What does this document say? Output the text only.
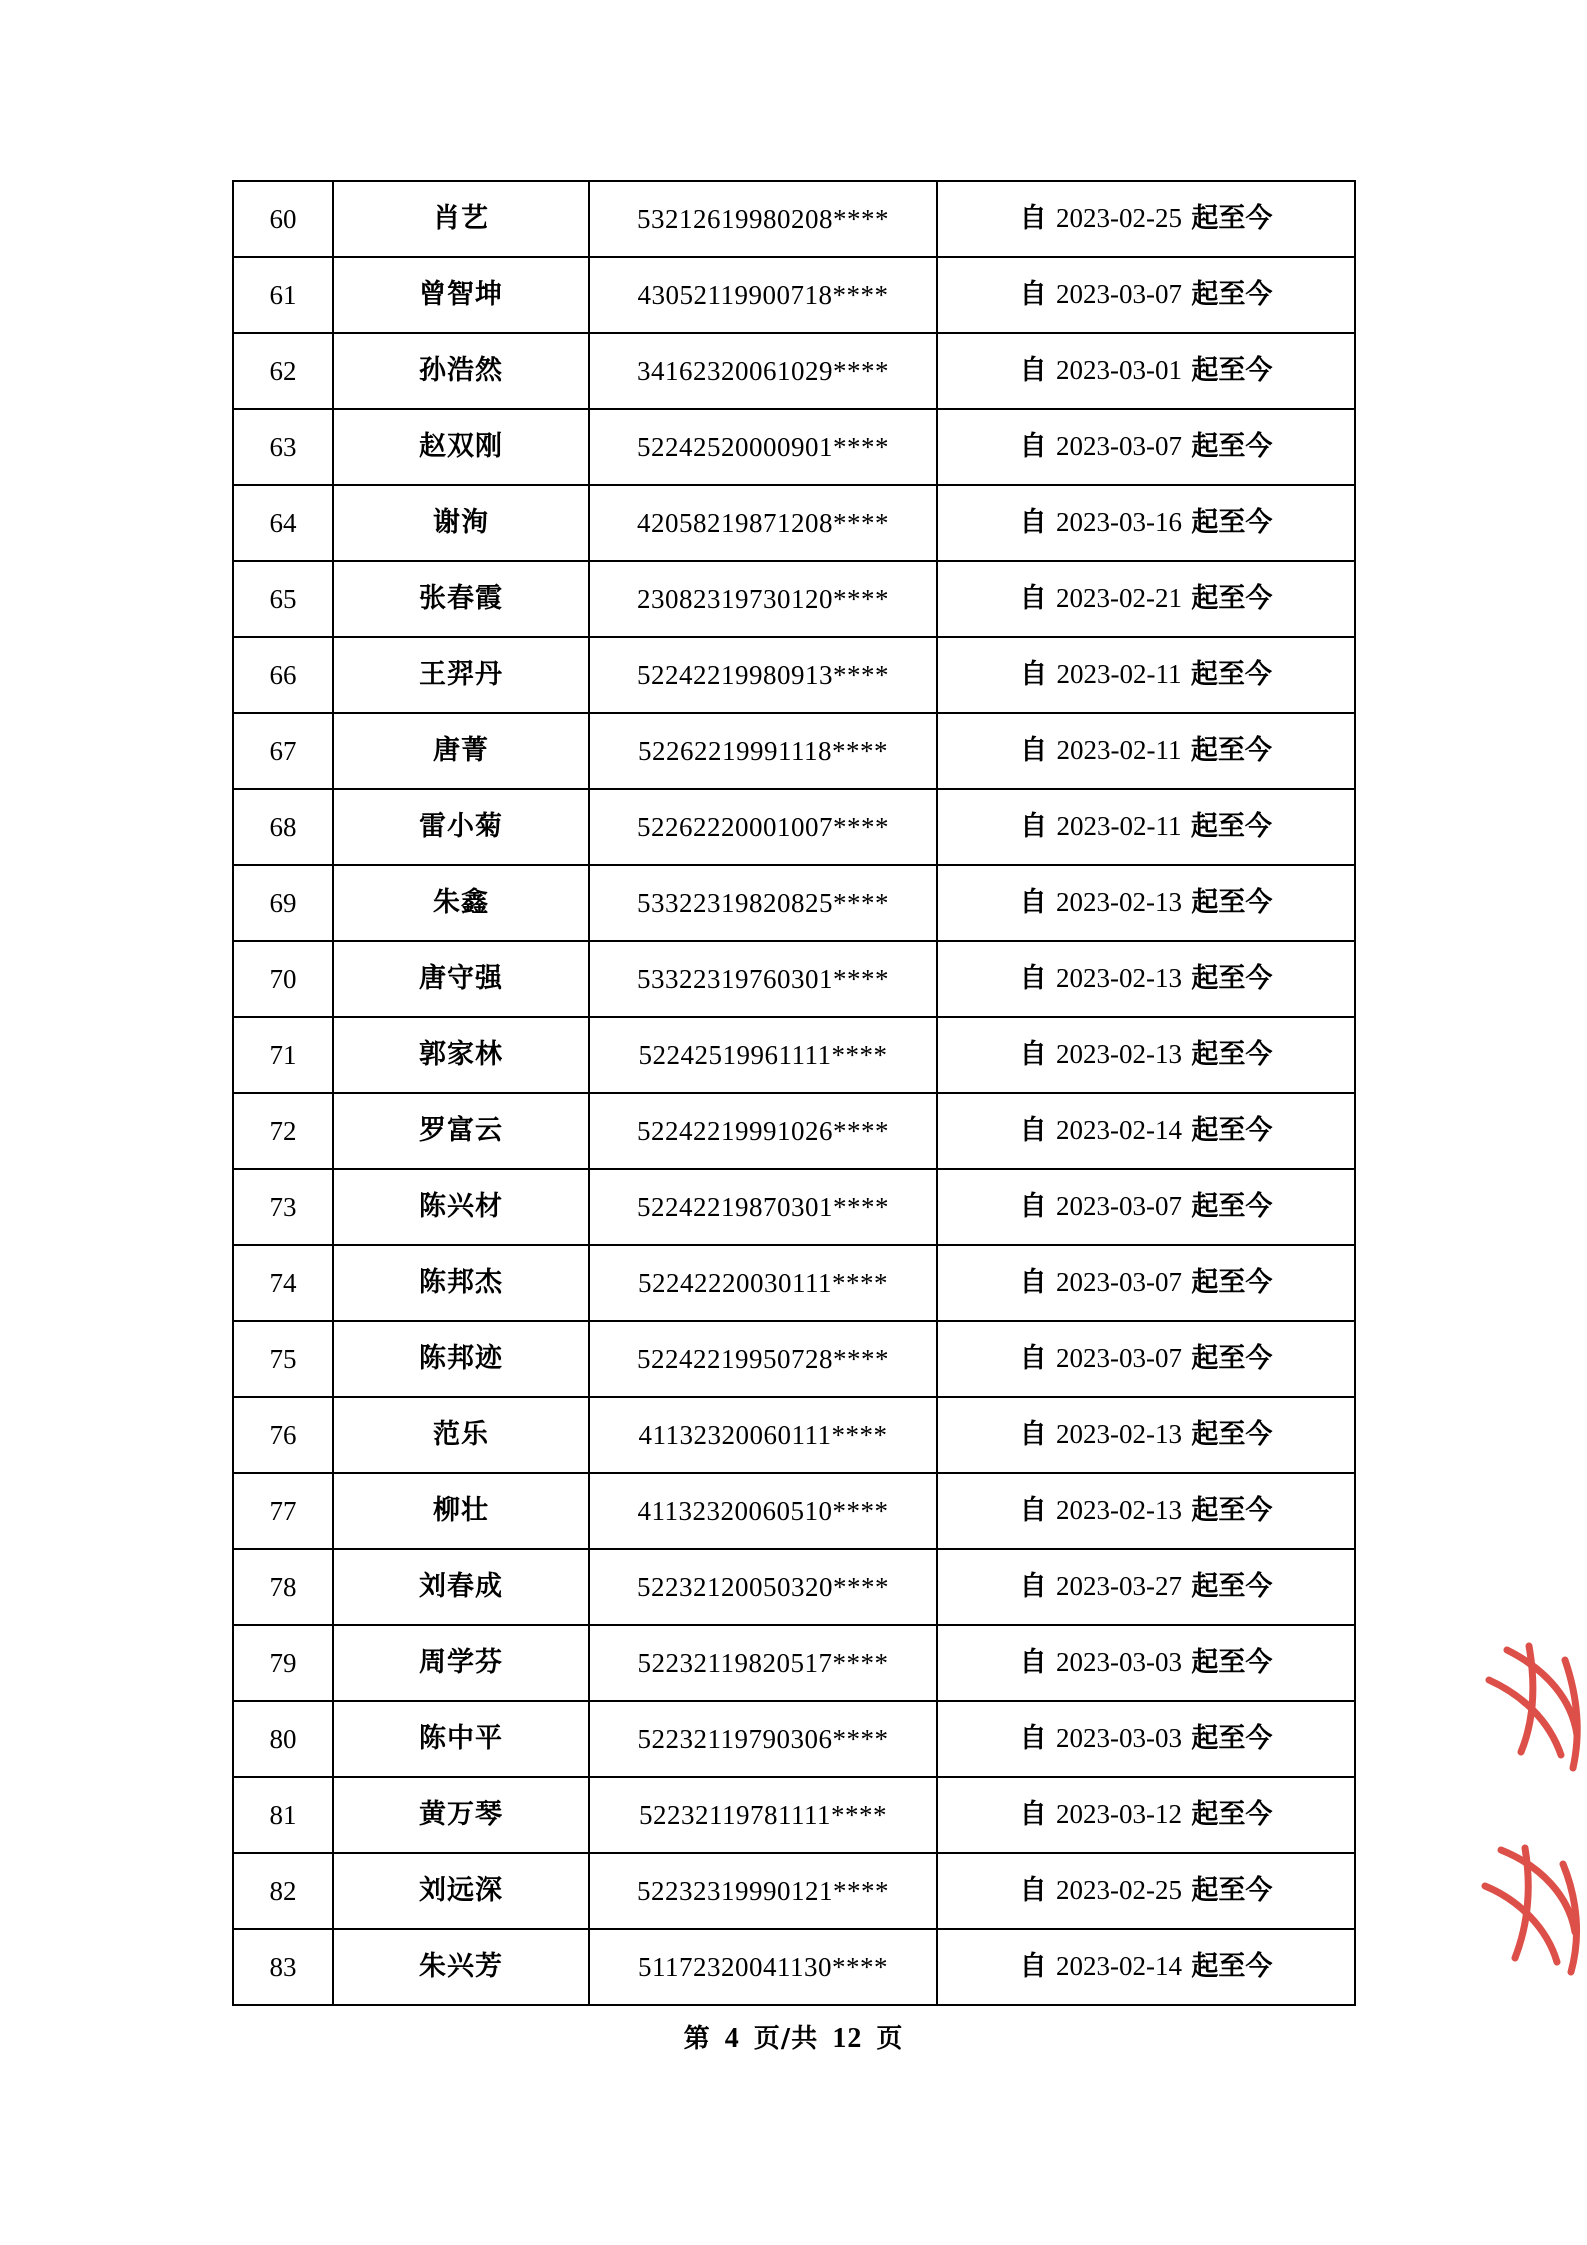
60	肖艺	53212619980208****	自 2023-02-25 起至今
61	曾智坤	43052119900718****	自 2023-03-07 起至今
62	孙浩然	34162320061029****	自 2023-03-01 起至今
63	赵双刚	52242520000901****	自 2023-03-07 起至今
64	谢洵	42058219871208****	自 2023-03-16 起至今
65	张春霞	23082319730120****	自 2023-02-21 起至今
66	王羿丹	52242219980913****	自 2023-02-11 起至今
67	唐菁	52262219991118****	自 2023-02-11 起至今
68	雷小菊	52262220001007****	自 2023-02-11 起至今
69	朱鑫	53322319820825****	自 2023-02-13 起至今
70	唐守强	53322319760301****	自 2023-02-13 起至今
71	郭家林	52242519961111****	自 2023-02-13 起至今
72	罗富云	52242219991026****	自 2023-02-14 起至今
73	陈兴材	52242219870301****	自 2023-03-07 起至今
74	陈邦杰	52242220030111****	自 2023-03-07 起至今
75	陈邦迹	52242219950728****	自 2023-03-07 起至今
76	范乐	41132320060111****	自 2023-02-13 起至今
77	柳壮	41132320060510****	自 2023-02-13 起至今
78	刘春成	52232120050320****	自 2023-03-27 起至今
79	周学芬	52232119820517****	自 2023-03-03 起至今
80	陈中平	52232119790306****	自 2023-03-03 起至今
81	黄万琴	52232119781111****	自 2023-03-12 起至今
82	刘远深	52232319990121****	自 2023-02-25 起至今
83	朱兴芳	51172320041130****	自 2023-02-14 起至今
第 4 页/共 12 页
